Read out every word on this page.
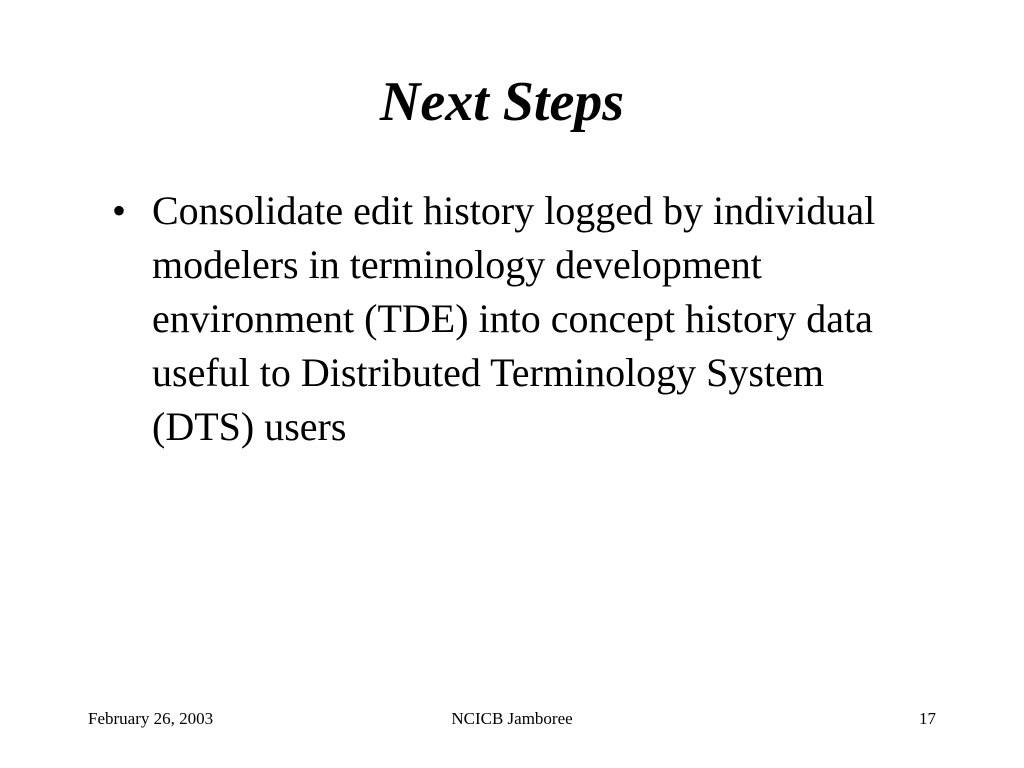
Next Steps
• Consolidate edit history logged by individual modelers in terminology development environment (TDE) into concept history data useful to Distributed Terminology System (DTS) users
February 26, 2003	NCICB Jamboree	17
